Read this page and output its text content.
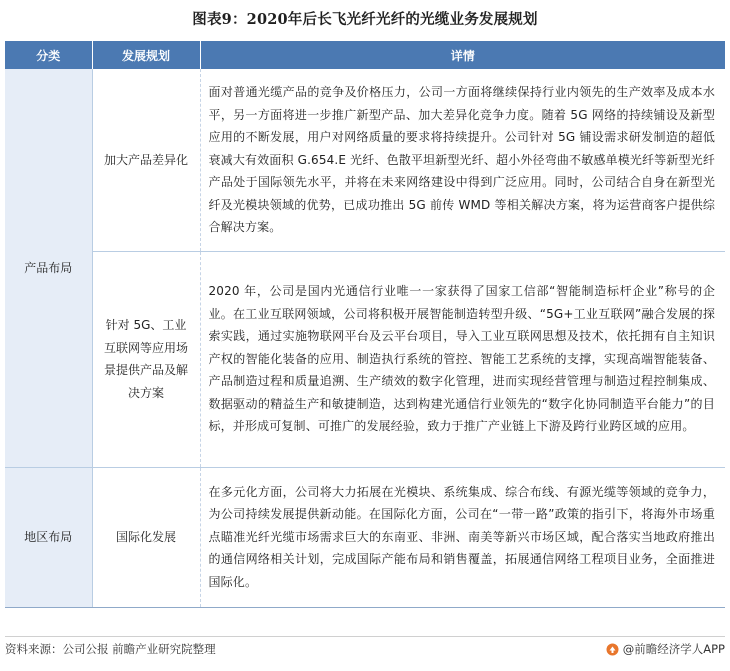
图表9：2020年后长飞光纤光纤的光缆业务发展规划
分类	发展规划	详情
产品布局	加大产品差异化	面对普通光缆产品的竞争及价格压力，公司一方面将继续保持行业内领先的生产效率及成本水平，另一方面将进一步推广新型产品、加大差异化竞争力度。随着 5G 网络的持续铺设及新型应用的不断发展，用户对网络质量的要求将持续提升。公司针对 5G 铺设需求研发制造的超低衰减大有效面积 G.654.E 光纤、色散平坦新型光纤、超小外径弯曲不敏感单模光纤等新型光纤产品处于国际领先水平，并将在未来网络建设中得到广泛应用。同时，公司结合自身在新型光纤及光模块领域的优势，已成功推出 5G 前传 WMD 等相关解决方案，将为运营商客户提供综合解决方案。
	针对 5G、工业互联网等应用场景提供产品及解决方案	2020 年，公司是国内光通信行业唯一一家获得了国家工信部“智能制造标杆企业”称号的企业。在工业互联网领域，公司将积极开展智能制造转型升级、“5G+工业互联网”融合发展的探索实践，通过实施物联网平台及云平台项目，导入工业互联网思想及技术，依托拥有自主知识产权的智能化装备的应用、制造执行系统的管控、智能工艺系统的支撑，实现高端智能装备、产品制造过程和质量追溯、生产绩效的数字化管理，进而实现经营管理与制造过程控制集成、数据驱动的精益生产和敏捷制造，达到构建光通信行业领先的“数字化协同制造平台能力”的目标，并形成可复制、可推广的发展经验，致力于推广产业链上下游及跨行业跨区域的应用。
地区布局	国际化发展	在多元化方面，公司将大力拓展在光模块、系统集成、综合布线、有源光缆等领域的竞争力，为公司持续发展提供新动能。在国际化方面，公司在“一带一路”政策的指引下，将海外市场重点瞄准光纤光缆市场需求巨大的东南亚、非洲、南美等新兴市场区域，配合落实当地政府推出的通信网络相关计划，完成国际产能布局和销售覆盖，拓展通信网络工程项目业务，全面推进国际化。
资料来源：公司公报 前瞻产业研究院整理	@前瞻经济学人APP
